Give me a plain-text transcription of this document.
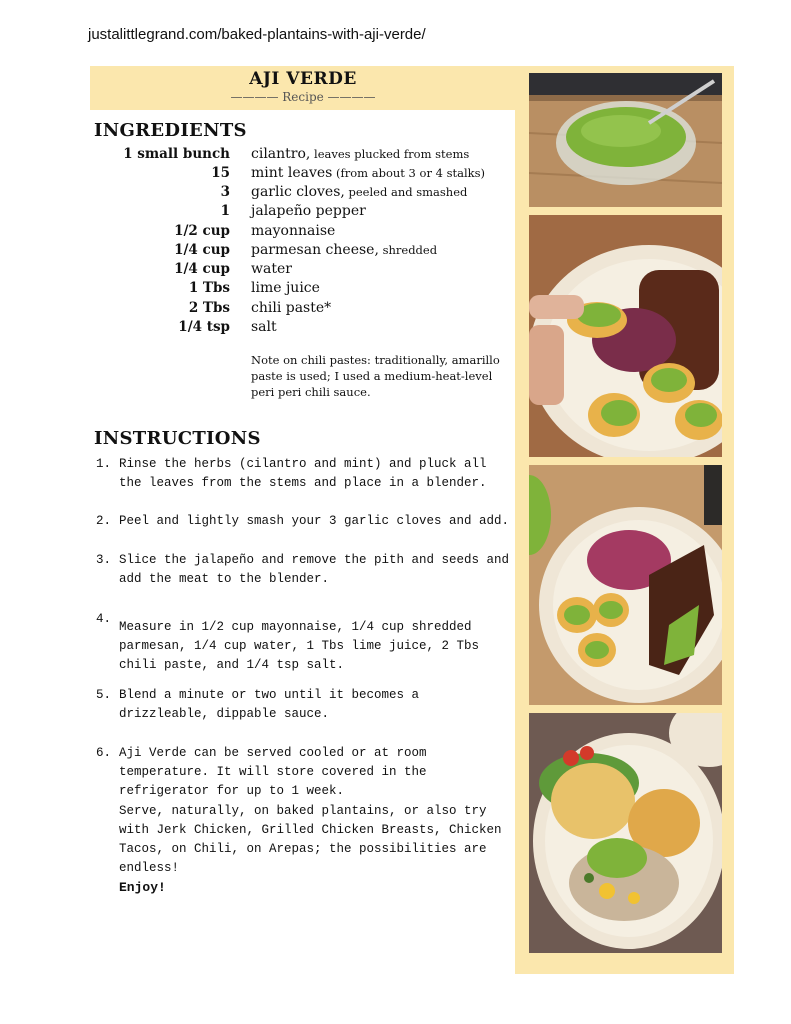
justalittlegrand.com/baked-plantains-with-aji-verde/
AJI VERDE
———— Recipe ————
INGREDIENTS
1 small bunch cilantro, leaves plucked from stems
15 mint leaves (from about 3 or 4 stalks)
3 garlic cloves, peeled and smashed
1 jalapeño pepper
1/2 cup mayonnaise
1/4 cup parmesan cheese, shredded
1/4 cup water
1 Tbs lime juice
2 Tbs chili paste*
1/4 tsp salt
Note on chili pastes: traditionally, amarillo paste is used; I used a medium-heat-level peri peri chili sauce.
INSTRUCTIONS
1. Rinse the herbs (cilantro and mint) and pluck all the leaves from the stems and place in a blender.
2. Peel and lightly smash your 3 garlic cloves and add.
3. Slice the jalapeño and remove the pith and seeds and add the meat to the blender.
4.
Measure in 1/2 cup mayonnaise, 1/4 cup shredded parmesan, 1/4 cup water, 1 Tbs lime juice, 2 Tbs chili paste, and 1/4 tsp salt.
5. Blend a minute or two until it becomes a drizzleable, dippable sauce.
6. Aji Verde can be served cooled or at room temperature. It will store covered in the refrigerator for up to 1 week.
Serve, naturally, on baked plantains, or also try with Jerk Chicken, Grilled Chicken Breasts, Chicken Tacos, on Chili, on Arepas; the possibilities are endless!
Enjoy!
